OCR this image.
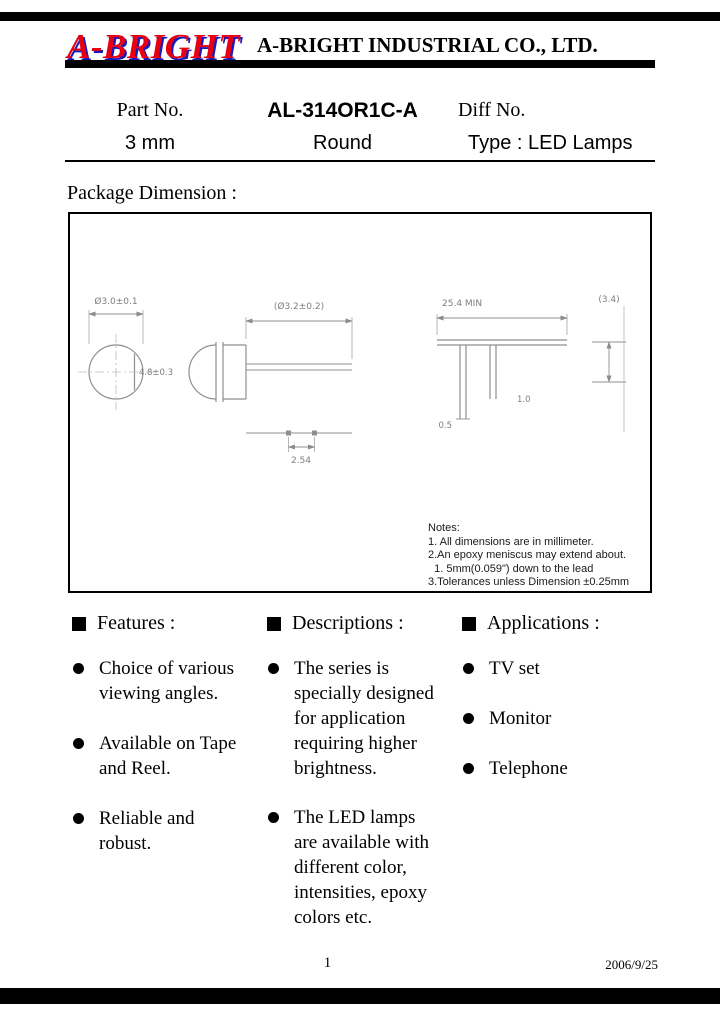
A-BRIGHT A-BRIGHT INDUSTRIAL CO., LTD.
Part No.	AL-314OR1C-A	Diff No.
3 mm	Round	Type : LED Lamps
Package Dimension :
Ø3.0±0.1	(Ø3.2±0.2)
4.8±0.3
2.54
25.4 MIN
0.5
1.0
(3.4)
Notes:
1. All dimensions are in millimeter.
2.An epoxy meniscus may extend about.
1. 5mm(0.059") down to the lead
3.Tolerances unless Dimension ±0.25mm
Features :
Choice of various viewing angles.
Available on Tape and Reel.
Reliable and robust.
Descriptions :
The series is specially designed for application requiring higher brightness.
The LED lamps are available with different color, intensities, epoxy colors etc.
Applications :
TV set
Monitor
Telephone
1	2006/9/25
